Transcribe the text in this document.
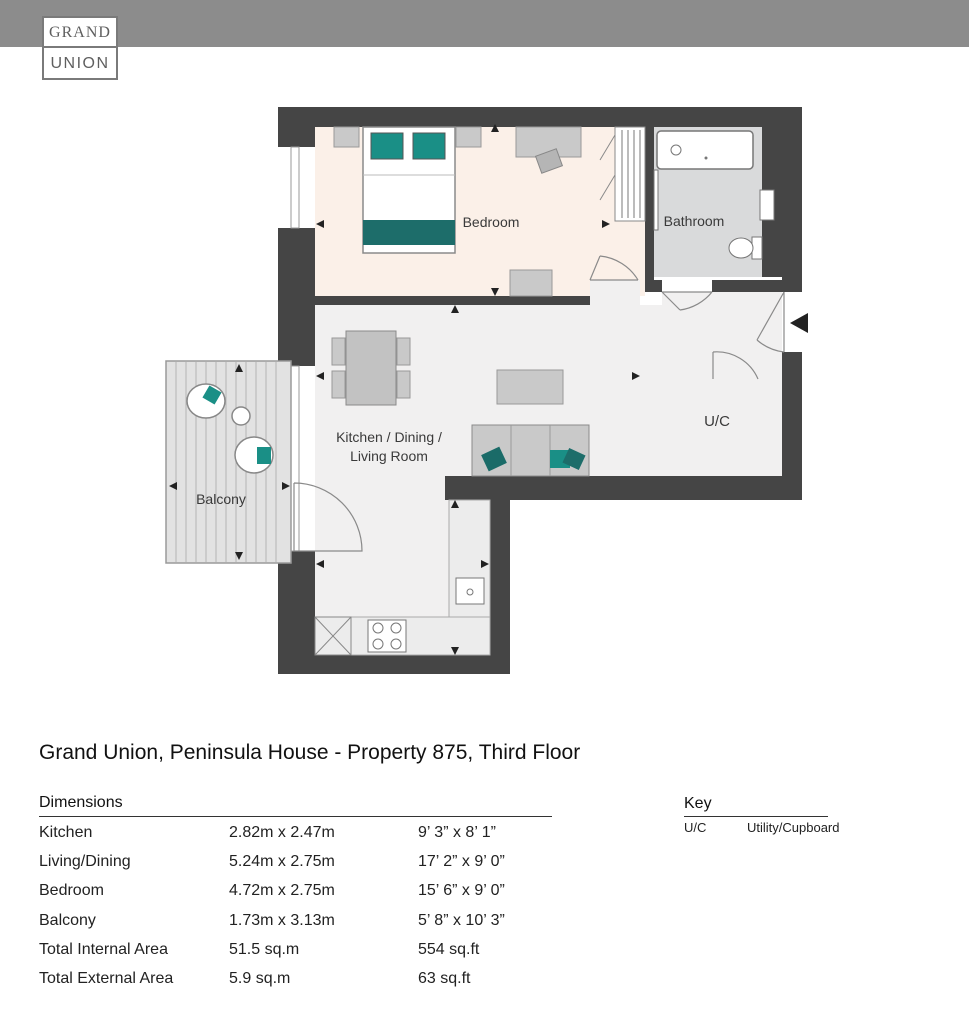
GRAND
UNION
Bedroom	Bathroom
U/C
Kitchen / Dining /
Living Room
Balcony
Grand Union, Peninsula House - Property 875, Third Floor
Dimensions
Kitchen	2.82m x 2.47m	9’ 3” x 8’ 1”
Living/Dining	5.24m x 2.75m	17’ 2” x 9’ 0”
Bedroom	4.72m x 2.75m	15’ 6” x 9’ 0”
Balcony	1.73m x 3.13m	5’ 8” x 10’ 3”
Total Internal Area	51.5 sq.m	554 sq.ft
Total External Area	5.9 sq.m	63 sq.ft
Key
U/C	Utility/Cupboard
